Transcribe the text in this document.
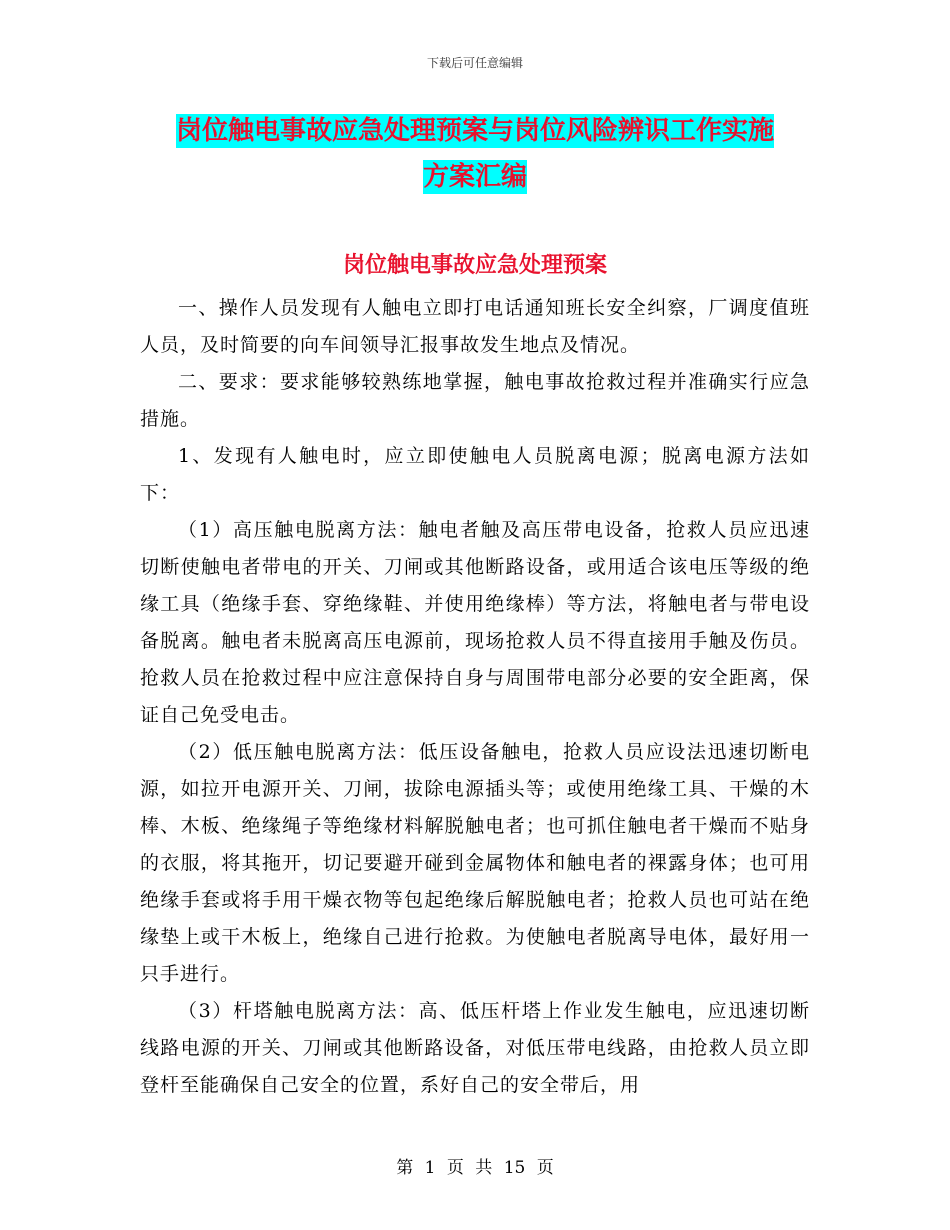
下载后可任意编辑
岗位触电事故应急处理预案与岗位风险辨识工作实施
方案汇编
岗位触电事故应急处理预案

一、操作人员发现有人触电立即打电话通知班长安全纠察，厂调度值班人员，及时简要的向车间领导汇报事故发生地点及情况。

二、要求：要求能够较熟练地掌握，触电事故抢救过程并准确实行应急措施。

1、发现有人触电时，应立即使触电人员脱离电源；脱离电源方法如下：

（1）高压触电脱离方法：触电者触及高压带电设备，抢救人员应迅速切断使触电者带电的开关、刀闸或其他断路设备，或用适合该电压等级的绝缘工具（绝缘手套、穿绝缘鞋、并使用绝缘棒）等方法，将触电者与带电设备脱离。触电者未脱离高压电源前，现场抢救人员不得直接用手触及伤员。抢救人员在抢救过程中应注意保持自身与周围带电部分必要的安全距离，保证自己免受电击。

（2）低压触电脱离方法：低压设备触电，抢救人员应设法迅速切断电源，如拉开电源开关、刀闸，拔除电源插头等；或使用绝缘工具、干燥的木棒、木板、绝缘绳子等绝缘材料解脱触电者；也可抓住触电者干燥而不贴身的衣服，将其拖开，切记要避开碰到金属物体和触电者的裸露身体；也可用绝缘手套或将手用干燥衣物等包起绝缘后解脱触电者；抢救人员也可站在绝缘垫上或干木板上，绝缘自己进行抢救。为使触电者脱离导电体，最好用一只手进行。

（3）杆塔触电脱离方法：高、低压杆塔上作业发生触电，应迅速切断线路电源的开关、刀闸或其他断路设备，对低压带电线路，由抢救人员立即登杆至能确保自己安全的位置，系好自己的安全带后，用

第 1 页 共 15 页
